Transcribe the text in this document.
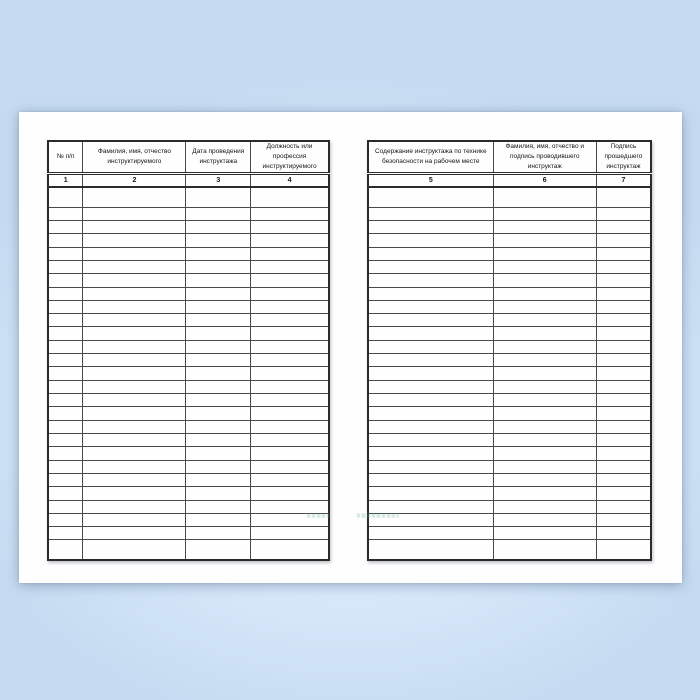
№ п/п	Фамилия, имя, отчество инструктируемого	Дата проведения инструктажа	Должность или профессия инструктируемого
1	2	3	4

Содержание инструктажа по технике безопасности на рабочем месте	Фамилия, имя, отчество и подпись проводившего инструктаж	Подпись прошедшего инструктаж
5	6	7
